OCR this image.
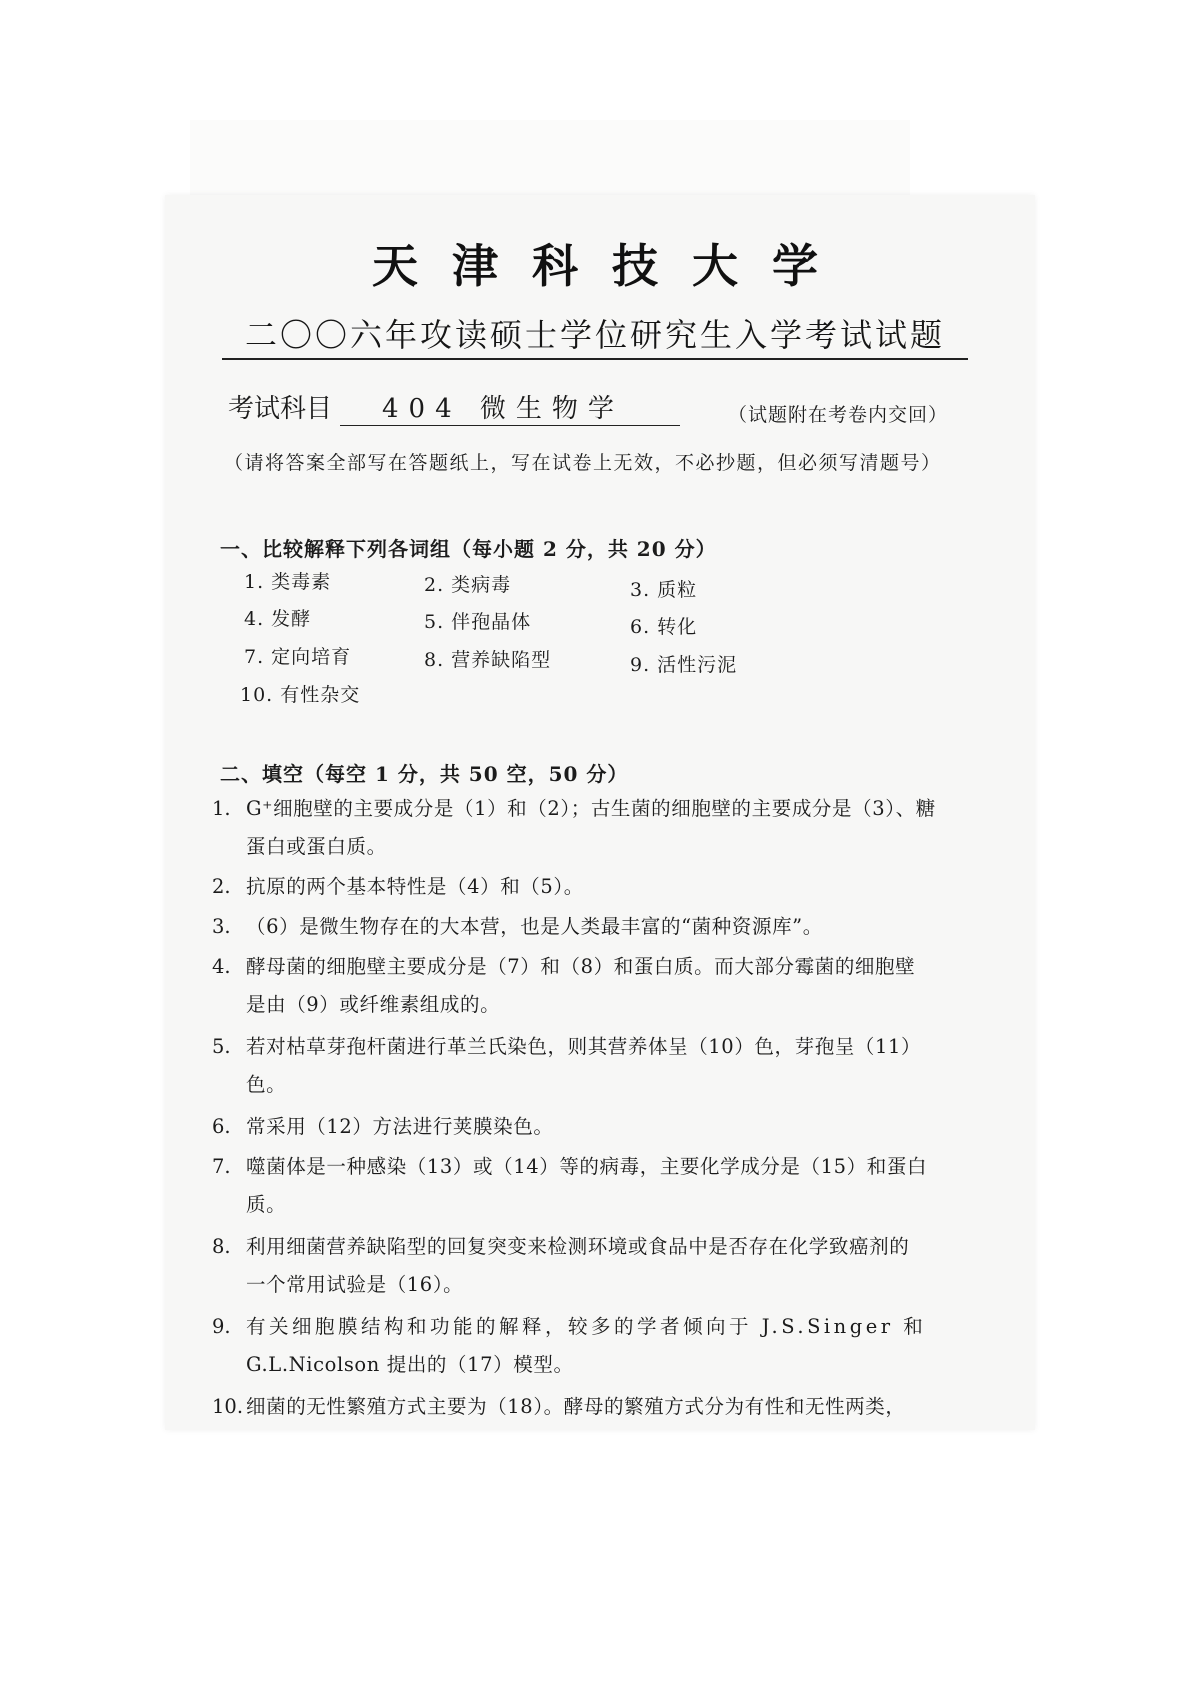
天津科技大学
二〇〇六年攻读硕士学位研究生入学考试试题
考试科目 404 微生物学	（试题附在考卷内交回）
（请将答案全部写在答题纸上，写在试卷上无效，不必抄题，但必须写清题号）
一、比较解释下列各词组（每小题 2 分，共 20 分）
1. 类毒素	2. 类病毒	3. 质粒
4. 发酵	5. 伴孢晶体	6. 转化
7. 定向培育	8. 营养缺陷型	9. 活性污泥
10. 有性杂交
二、填空（每空 1 分，共 50 空，50 分）
1. G⁺细胞壁的主要成分是（1）和（2）；古生菌的细胞壁的主要成分是（3）、糖
蛋白或蛋白质。
2. 抗原的两个基本特性是（4）和（5）。
3. （6）是微生物存在的大本营，也是人类最丰富的“菌种资源库”。
4. 酵母菌的细胞壁主要成分是（7）和（8）和蛋白质。而大部分霉菌的细胞壁
是由（9）或纤维素组成的。
5. 若对枯草芽孢杆菌进行革兰氏染色，则其营养体呈（10）色，芽孢呈（11）
色。
6. 常采用（12）方法进行荚膜染色。
7. 噬菌体是一种感染（13）或（14）等的病毒，主要化学成分是（15）和蛋白
质。
8. 利用细菌营养缺陷型的回复突变来检测环境或食品中是否存在化学致癌剂的
一个常用试验是（16）。
9. 有关细胞膜结构和功能的解释，较多的学者倾向于 J.S.Singer 和
G.L.Nicolson 提出的（17）模型。
10. 细菌的无性繁殖方式主要为（18）。酵母的繁殖方式分为有性和无性两类，
